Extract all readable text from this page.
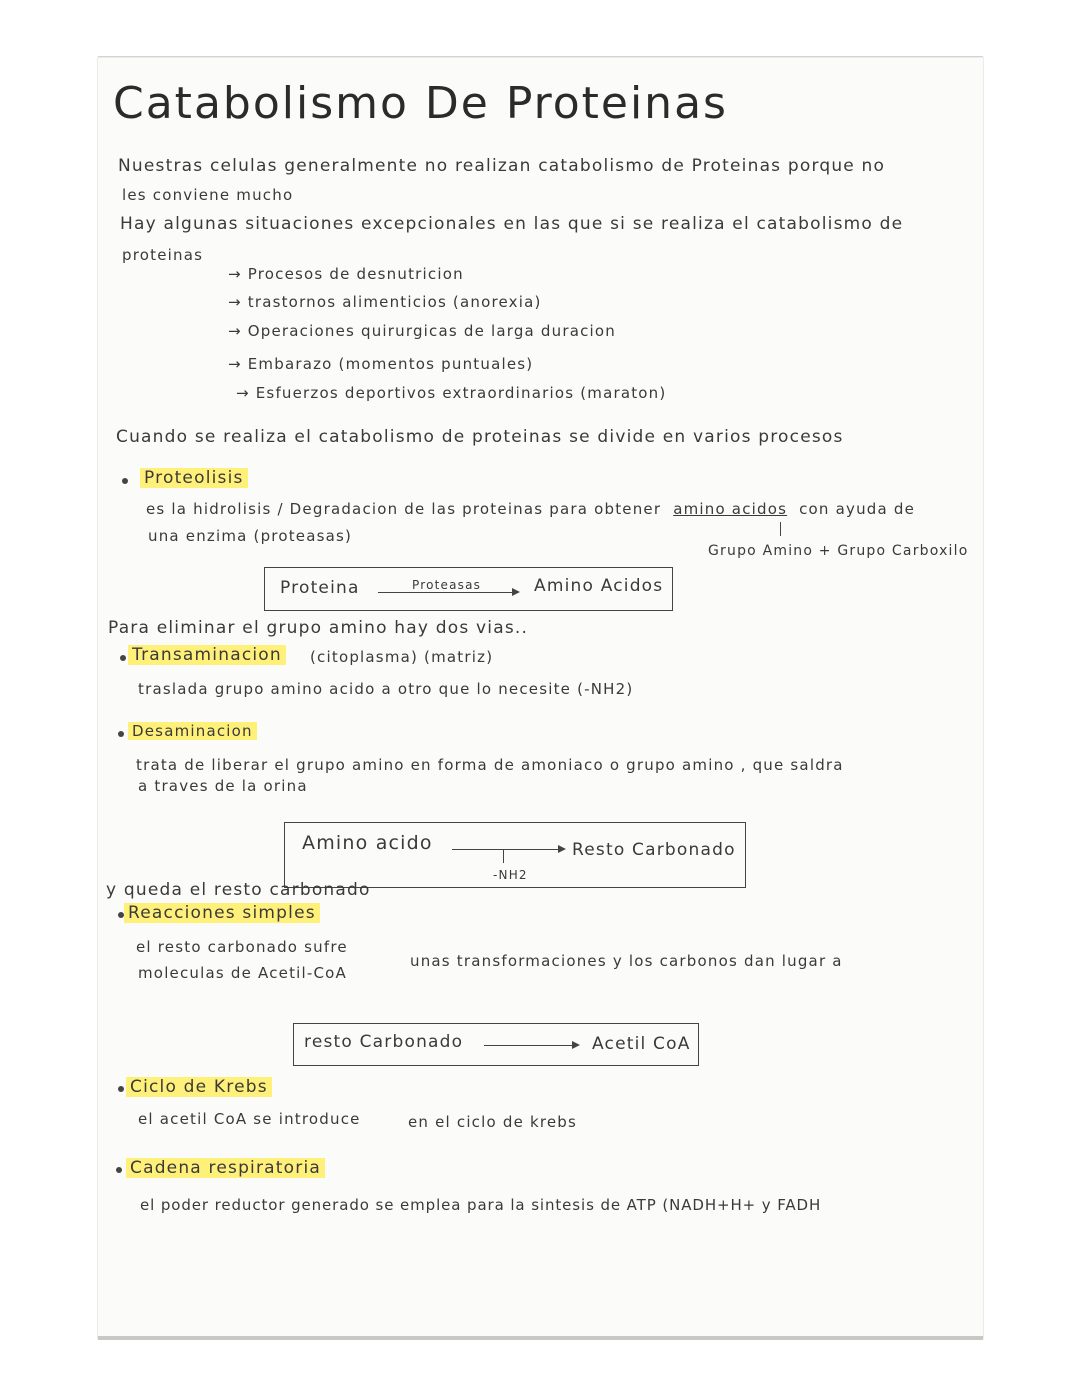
Catabolismo De Proteinas
Nuestras celulas generalmente no realizan catabolismo de Proteinas porque no
les conviene mucho
Hay algunas situaciones excepcionales en las que si se realiza el catabolismo de
proteinas
→ Procesos de desnutricion
→ trastornos alimenticios (anorexia)
→ Operaciones quirurgicas de larga duracion
→ Embarazo (momentos puntuales)
→ Esfuerzos deportivos extraordinarios (maraton)
Cuando se realiza el catabolismo de proteinas se divide en varios procesos
Proteolisis
es la hidrolisis / Degradacion de las proteinas para obtener amino acidos con ayuda de
una enzima (proteasas)
Grupo Amino + Grupo Carboxilo
Proteina	Proteasas	Amino Acidos
Para eliminar el grupo amino hay dos vias..
Transaminacion (citoplasma) (matriz)
traslada grupo amino acido a otro que lo necesite (-NH2)
Desaminacion
trata de liberar el grupo amino en forma de amoniaco o grupo amino , que saldra
a traves de la orina
Amino acido
-NH2
Resto Carbonado
y queda el resto carbonado
Reacciones simples
el resto carbonado sufre
unas transformaciones y los carbonos dan lugar a
moleculas de Acetil-CoA
resto Carbonado	Acetil CoA
Ciclo de Krebs
el acetil CoA se introduce	en el ciclo de krebs
Cadena respiratoria
el poder reductor generado se emplea para la sintesis de ATP (NADH+H+ y FADH
